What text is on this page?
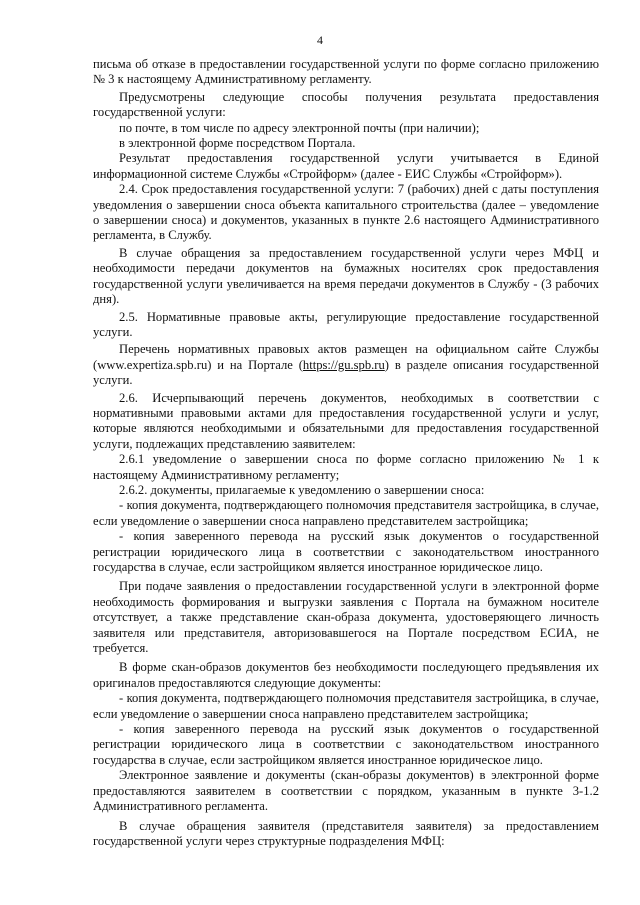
4

письма об отказе в предоставлении государственной услуги по форме согласно приложению № 3 к настоящему Административному регламенту.

Предусмотрены следующие способы получения результата предоставления государственной услуги:

по почте, в том числе по адресу электронной почты (при наличии);

в электронной форме посредством Портала.

Результат предоставления государственной услуги учитывается в Единой информационной системе Службы «Стройформ» (далее - ЕИС Службы «Стройформ»).

2.4. Срок предоставления государственной услуги: 7 (рабочих) дней с даты поступления уведомления о завершении сноса объекта капитального строительства (далее – уведомление о завершении сноса) и документов, указанных в пункте 2.6 настоящего Административного регламента, в Службу.

В случае обращения за предоставлением государственной услуги через МФЦ и необходимости передачи документов на бумажных носителях срок предоставления государственной услуги увеличивается на время передачи документов в Службу - (3 рабочих дня).

2.5. Нормативные правовые акты, регулирующие предоставление государственной услуги.

Перечень нормативных правовых актов размещен на официальном сайте Службы (www.expertiza.spb.ru) и на Портале (https://gu.spb.ru) в разделе описания государственной услуги.

2.6. Исчерпывающий перечень документов, необходимых в соответствии с нормативными правовыми актами для предоставления государственной услуги и услуг, которые являются необходимыми и обязательными для предоставления государственной услуги, подлежащих представлению заявителем:

2.6.1 уведомление о завершении сноса по форме согласно приложению № 1 к настоящему Административному регламенту;

2.6.2. документы, прилагаемые к уведомлению о завершении сноса:

- копия документа, подтверждающего полномочия представителя застройщика, в случае, если уведомление о завершении сноса направлено представителем застройщика;

- копия заверенного перевода на русский язык документов о государственной регистрации юридического лица в соответствии с законодательством иностранного государства в случае, если застройщиком является иностранное юридическое лицо.

При подаче заявления о предоставлении государственной услуги в электронной форме необходимость формирования и выгрузки заявления с Портала на бумажном носителе отсутствует, а также представление скан-образа документа, удостоверяющего личность заявителя или представителя, авторизовавшегося на Портале посредством ЕСИА, не требуется.

В форме скан-образов документов без необходимости последующего предъявления их оригиналов предоставляются следующие документы:

- копия документа, подтверждающего полномочия представителя застройщика, в случае, если уведомление о завершении сноса направлено представителем застройщика;

- копия заверенного перевода на русский язык документов о государственной регистрации юридического лица в соответствии с законодательством иностранного государства в случае, если застройщиком является иностранное юридическое лицо.

Электронное заявление и документы (скан-образы документов) в электронной форме предоставляются заявителем в соответствии с порядком, указанным в пункте 3-1.2 Административного регламента.

В случае обращения заявителя (представителя заявителя) за предоставлением государственной услуги через структурные подразделения МФЦ:
